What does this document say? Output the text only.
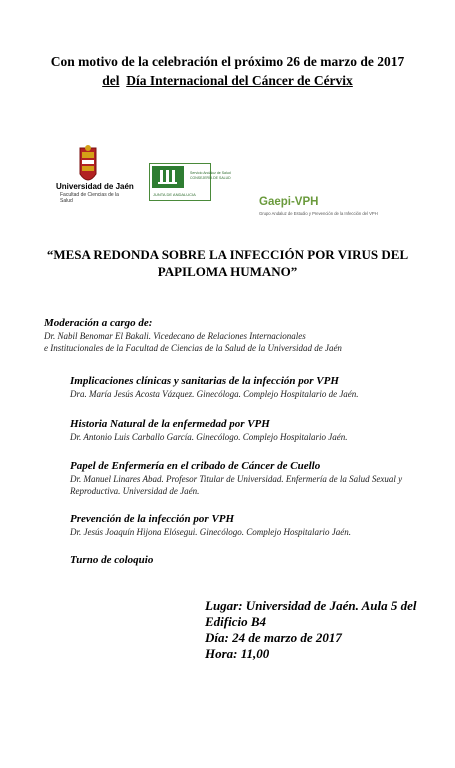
Con motivo de la celebración el próximo 26 de marzo de 2017
del Día Internacional del Cáncer de Cérvix
Universidad de Jaén
Facultad de Ciencias de la Salud
Servicio Andaluz de Salud CONSEJERÍA DE SALUD
JUNTA DE ANDALUCIA
Gaepi-VPH
Grupo Andaluz de Estudio y Prevención de la Infección del VPH
“MESA REDONDA SOBRE LA INFECCIÓN POR VIRUS DEL
PAPILOMA HUMANO”
Moderación a cargo de:
Dr. Nabil Benomar El Bakali. Vicedecano de Relaciones Internacionales
e Institucionales de la Facultad de Ciencias de la Salud de la Universidad de Jaén
Implicaciones clínicas y sanitarias de la infección por VPH
Dra. María Jesús Acosta Vázquez. Ginecóloga. Complejo Hospitalario de Jaén.
Historia Natural de la enfermedad por VPH
Dr. Antonio Luis Carballo García. Ginecólogo. Complejo Hospitalario Jaén.
Papel de Enfermería en el cribado de Cáncer de Cuello
Dr. Manuel Linares Abad. Profesor Titular de Universidad. Enfermería de la Salud Sexual y Reproductiva. Universidad de Jaén.
Prevención de la infección por VPH
Dr. Jesús Joaquín Hijona Elósegui. Ginecólogo. Complejo Hospitalario Jaén.
Turno de coloquio
Lugar: Universidad de Jaén. Aula 5 del
Edificio B4
Día: 24 de marzo de 2017
Hora: 11,00
